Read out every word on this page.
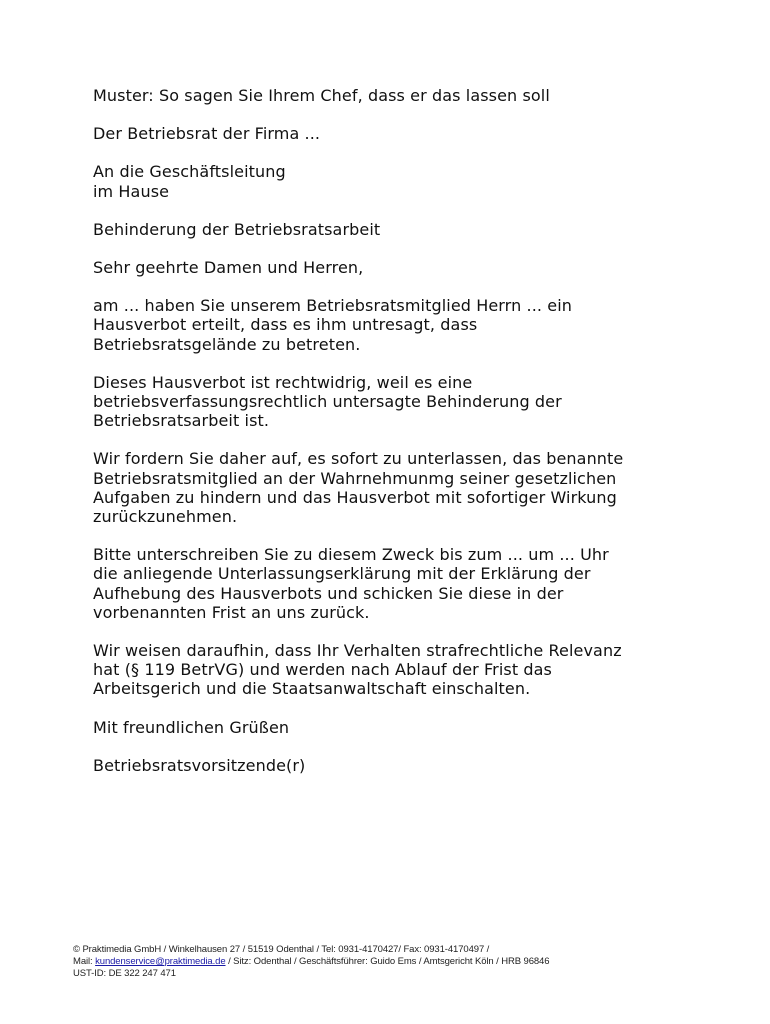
Muster: So sagen Sie Ihrem Chef, dass er das lassen soll
Der Betriebsrat der Firma ...
An die Geschäftsleitung
im Hause
Behinderung der Betriebsratsarbeit
Sehr geehrte Damen und Herren,
am ... haben Sie unserem Betriebsratsmitglied Herrn ... ein
Hausverbot erteilt, dass es ihm untresagt, dass
Betriebsratsgelände zu betreten.
Dieses Hausverbot ist rechtwidrig, weil es eine
betriebsverfassungsrechtlich untersagte Behinderung der
Betriebsratsarbeit ist.
Wir fordern Sie daher auf, es sofort zu unterlassen, das benannte
Betriebsratsmitglied an der Wahrnehmunmg seiner gesetzlichen
Aufgaben zu hindern und das Hausverbot mit sofortiger Wirkung
zurückzunehmen.
Bitte unterschreiben Sie zu diesem Zweck bis zum ... um ... Uhr
die anliegende Unterlassungserklärung mit der Erklärung der
Aufhebung des Hausverbots und schicken Sie diese in der
vorbenannten Frist an uns zurück.
Wir weisen daraufhin, dass Ihr Verhalten strafrechtliche Relevanz
hat (§ 119 BetrVG) und werden nach Ablauf der Frist das
Arbeitsgerich und die Staatsanwaltschaft einschalten.
Mit freundlichen Grüßen
Betriebsratsvorsitzende(r)
© Praktimedia GmbH / Winkelhausen 27 / 51519 Odenthal / Tel: 0931-4170427/ Fax: 0931-4170497 /
Mail: kundenservice@praktimedia.de / Sitz: Odenthal / Geschäftsführer: Guido Ems / Amtsgericht Köln / HRB 96846
UST-ID: DE 322 247 471
